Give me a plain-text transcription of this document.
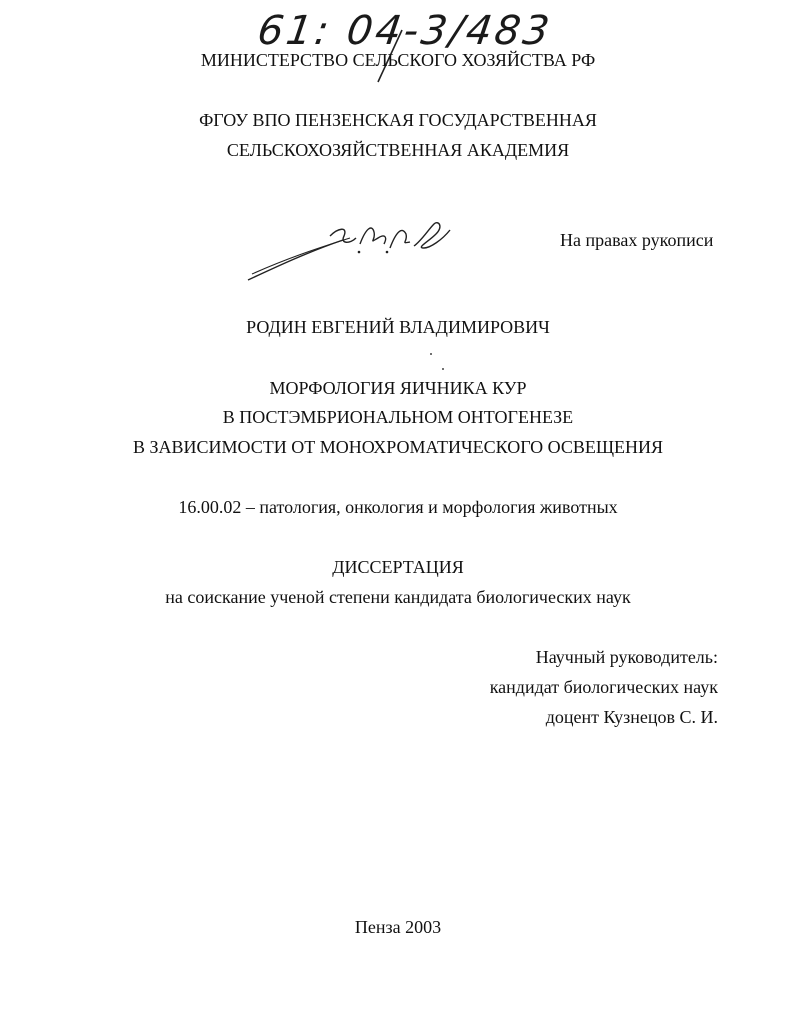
61: 04-3/483
МИНИСТЕРСТВО СЕЛЬСКОГО ХОЗЯЙСТВА РФ
ФГОУ ВПО ПЕНЗЕНСКАЯ ГОСУДАРСТВЕННАЯ
СЕЛЬСКОХОЗЯЙСТВЕННАЯ АКАДЕМИЯ
На правах рукописи
РОДИН ЕВГЕНИЙ ВЛАДИМИРОВИЧ
МОРФОЛОГИЯ ЯИЧНИКА КУР
В ПОСТЭМБРИОНАЛЬНОМ ОНТОГЕНЕЗЕ
В ЗАВИСИМОСТИ ОТ МОНОХРОМАТИЧЕСКОГО ОСВЕЩЕНИЯ
16.00.02 – патология, онкология и морфология животных
ДИССЕРТАЦИЯ
на соискание ученой степени кандидата биологических наук
Научный руководитель:
кандидат биологических наук
доцент Кузнецов С. И.
Пенза 2003
